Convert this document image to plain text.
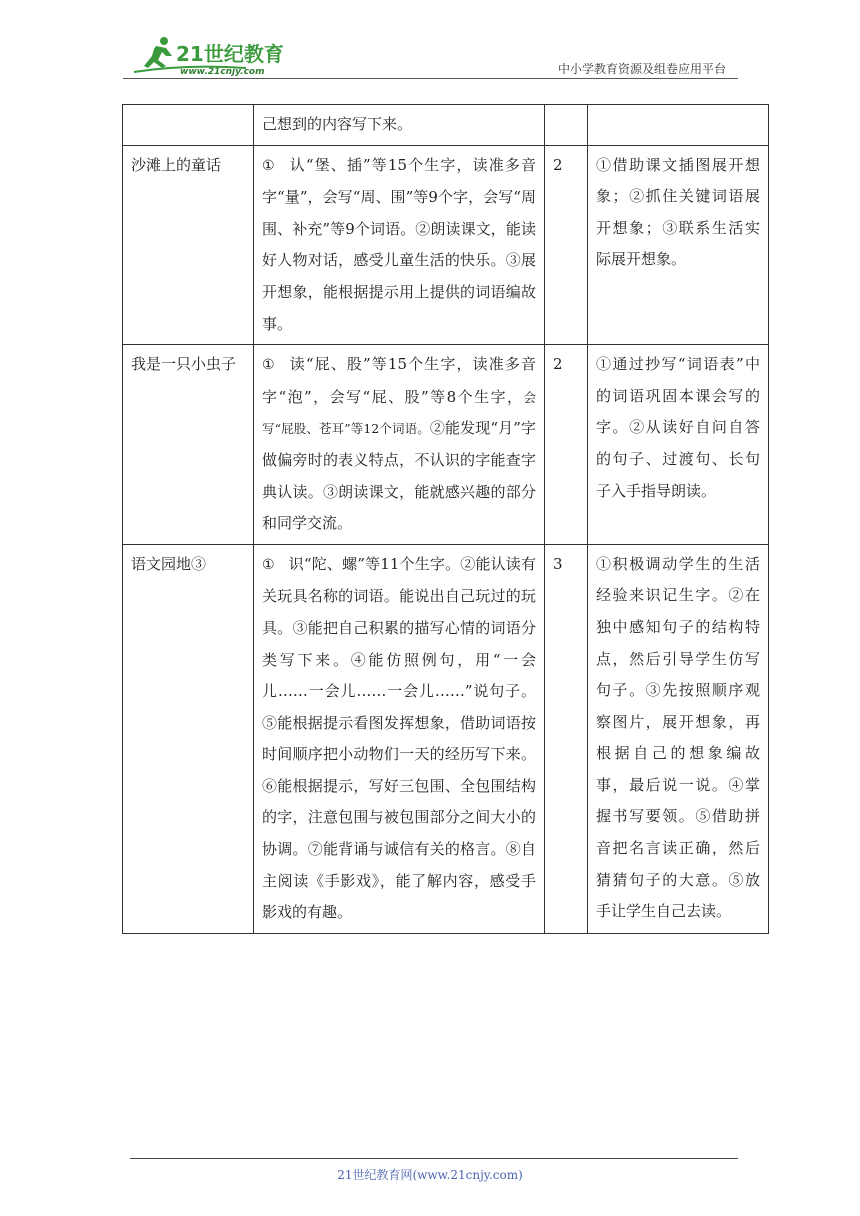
21世纪教育
www.21cnjy.com	中小学教育资源及组卷应用平台
	己想到的内容写下来。		
沙滩上的童话	① 认“堡、插”等15个生字，读准多音字“量”，会写“周、围”等9个字，会写“周围、补充”等9个词语。②朗读课文，能读好人物对话，感受儿童生活的快乐。③展开想象，能根据提示用上提供的词语编故事。	2	①借助课文插图展开想象；②抓住关键词语展开想象；③联系生活实际展开想象。
我是一只小虫子	① 读“屁、股”等15个生字，读准多音字“泡”，会写“屁、股”等8个生字，会写“屁股、苍耳”等12个词语。②能发现“月”字做偏旁时的表义特点，不认识的字能查字典认读。③朗读课文，能就感兴趣的部分和同学交流。	2	①通过抄写“词语表”中的词语巩固本课会写的字。②从读好自问自答的句子、过渡句、长句子入手指导朗读。
语文园地③	① 识“陀、螺”等11个生字。②能认读有关玩具名称的词语。能说出自己玩过的玩具。③能把自己积累的描写心情的词语分类写下来。④能仿照例句，用“一会儿……一会儿……一会儿……”说句子。⑤能根据提示看图发挥想象，借助词语按时间顺序把小动物们一天的经历写下来。⑥能根据提示，写好三包围、全包围结构的字，注意包围与被包围部分之间大小的协调。⑦能背诵与诚信有关的格言。⑧自主阅读《手影戏》，能了解内容，感受手影戏的有趣。	3	①积极调动学生的生活经验来识记生字。②在独中感知句子的结构特点，然后引导学生仿写句子。③先按照顺序观察图片，展开想象，再根据自己的想象编故事，最后说一说。④掌握书写要领。⑤借助拼音把名言读正确，然后猜猜句子的大意。⑤放手让学生自己去读。
21世纪教育网(www.21cnjy.com)
